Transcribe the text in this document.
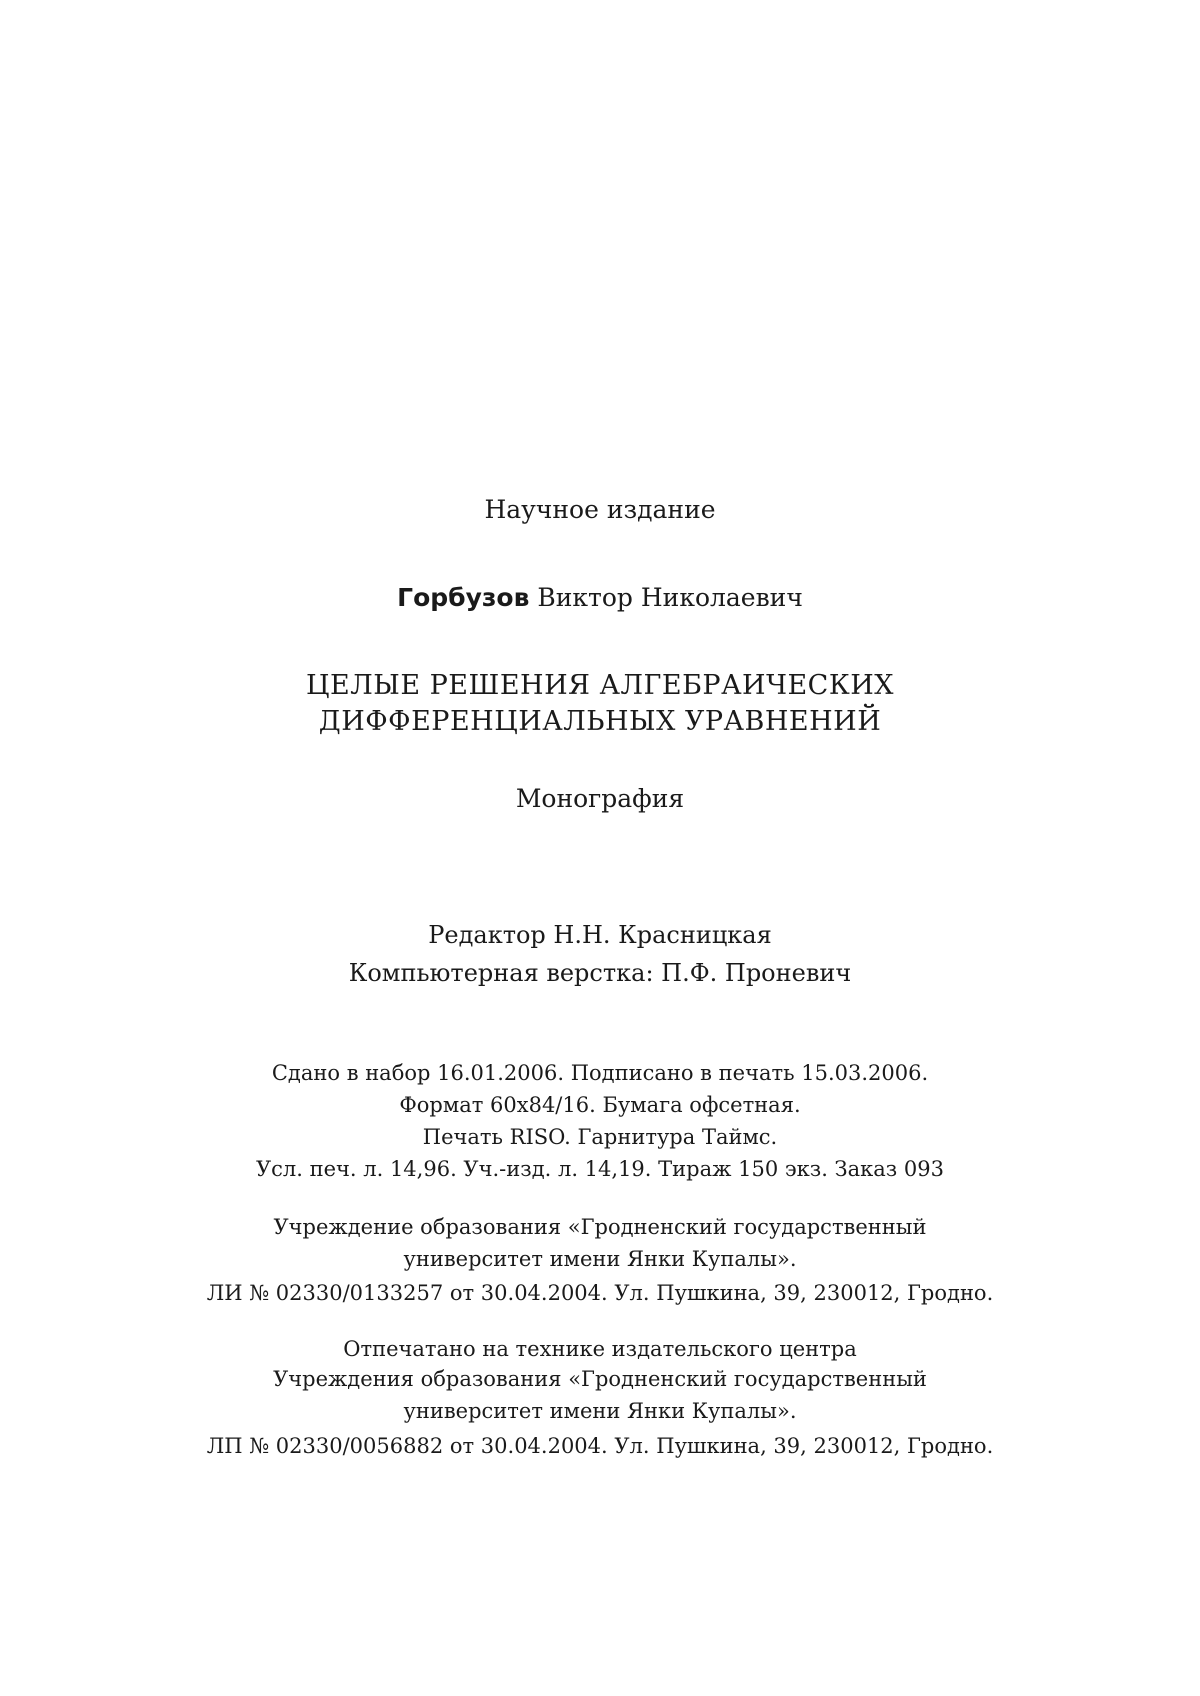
Научное издание
Горбузов Виктор Николаевич
ЦЕЛЫЕ РЕШЕНИЯ АЛГЕБРАИЧЕСКИХ
ДИФФЕРЕНЦИАЛЬНЫХ УРАВНЕНИЙ
Монография
Редактор Н.Н. Красницкая
Компьютерная верстка: П.Ф. Проневич
Сдано в набор 16.01.2006. Подписано в печать 15.03.2006.
Формат 60x84/16. Бумага офсетная.
Печать RISO. Гарнитура Таймс.
Усл. печ. л. 14,96. Уч.-изд. л. 14,19. Тираж 150 экз. Заказ 093
Учреждение образования «Гродненский государственный
университет имени Янки Купалы».
ЛИ № 02330/0133257 от 30.04.2004. Ул. Пушкина, 39, 230012, Гродно.
Отпечатано на технике издательского центра
Учреждения образования «Гродненский государственный
университет имени Янки Купалы».
ЛП № 02330/0056882 от 30.04.2004. Ул. Пушкина, 39, 230012, Гродно.
